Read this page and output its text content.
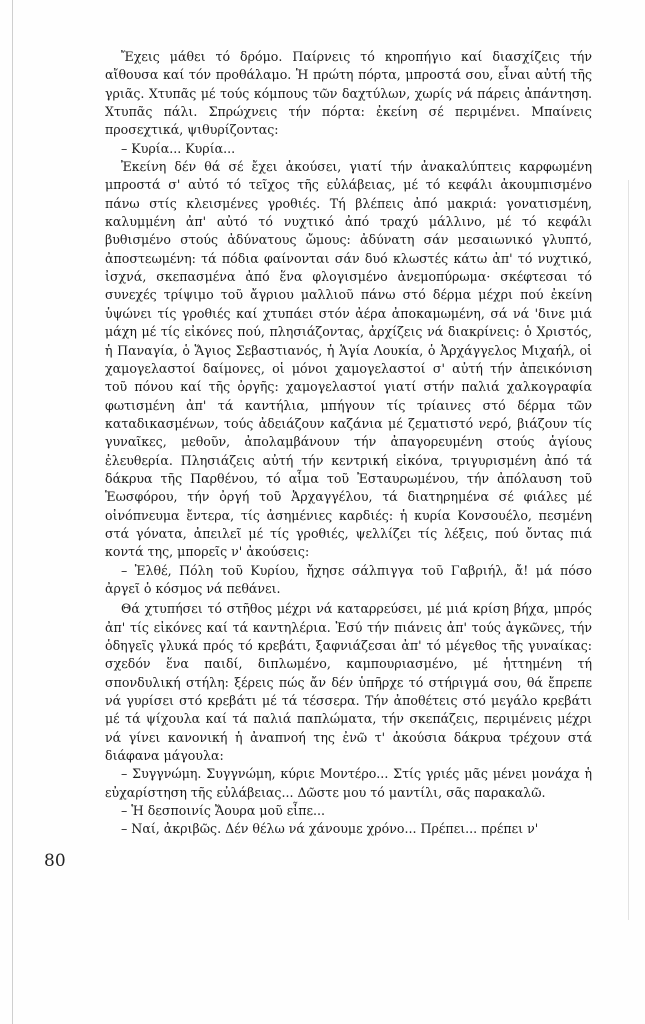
Ἔχεις μάθει τό δρόμο. Παίρνεις τό κηροπήγιο καί διασχίζεις τήν αἴθουσα καί τόν προθάλαμο. Ἡ πρώτη πόρτα, μπροστά σου, εἶναι αὐτή τῆς γριᾶς. Χτυπᾶς μέ τούς κόμπους τῶν δαχτύλων, χωρίς νά πάρεις ἀπάντηση. Χτυπᾶς πάλι. Σπρώχνεις τήν πόρτα: ἐκείνη σέ περιμένει. Μπαίνεις προσεχτικά, ψιθυρίζοντας:

– Κυρία... Κυρία...

Ἐκείνη δέν θά σέ ἔχει ἀκούσει, γιατί τήν ἀνακαλύπτεις καρφωμένη μπροστά σ' αὐτό τό τεῖχος τῆς εὐλάβειας, μέ τό κεφάλι ἀκουμπισμένο πάνω στίς κλεισμένες γροθιές. Τή βλέπεις ἀπό μακριά: γονατισμένη, καλυμμένη ἀπ' αὐτό τό νυχτικό ἀπό τραχύ μάλλινο, μέ τό κεφάλι βυθισμένο στούς ἀδύνατους ὤμους: ἀδύνατη σάν μεσαιωνικό γλυπτό, ἀποστεωμένη: τά πόδια φαίνονται σάν δυό κλωστές κάτω ἀπ' τό νυχτικό, ἰσχνά, σκεπασμένα ἀπό ἕνα φλογισμένο ἀνεμοπύρωμα· σκέφτεσαι τό συνεχές τρίψιμο τοῦ ἄγριου μαλλιοῦ πάνω στό δέρμα μέχρι πού ἐκείνη ὑψώνει τίς γροθιές καί χτυπάει στόν ἀέρα ἀποκαμωμένη, σά νά 'δινε μιά μάχη μέ τίς εἰκόνες πού, πλησιάζοντας, ἀρχίζεις νά διακρίνεις: ὁ Χριστός, ἡ Παναγία, ὁ Ἅγιος Σεβαστιανός, ἡ Ἁγία Λουκία, ὁ Ἀρχάγγελος Μιχαήλ, οἱ χαμογελαστοί δαίμονες, οἱ μόνοι χαμογελαστοί σ' αὐτή τήν ἀπεικόνιση τοῦ πόνου καί τῆς ὀργῆς: χαμογελαστοί γιατί στήν παλιά χαλκογραφία φωτισμένη ἀπ' τά καντήλια, μπήγουν τίς τρίαινες στό δέρμα τῶν καταδικασμένων, τούς ἀδειάζουν καζάνια μέ ζεματιστό νερό, βιάζουν τίς γυναῖκες, μεθοῦν, ἀπολαμβάνουν τήν ἀπαγορευμένη στούς ἁγίους ἐλευθερία. Πλησιάζεις αὐτή τήν κεντρική εἰκόνα, τριγυρισμένη ἀπό τά δάκρυα τῆς Παρθένου, τό αἷμα τοῦ Ἐσταυρωμένου, τήν ἀπόλαυση τοῦ Ἑωσφόρου, τήν ὀργή τοῦ Ἀρχαγγέλου, τά διατηρημένα σέ φιάλες μέ οἰνόπνευμα ἔντερα, τίς ἀσημένιες καρδιές: ἡ κυρία Κονσουέλο, πεσμένη στά γόνατα, ἀπειλεῖ μέ τίς γροθιές, ψελλίζει τίς λέξεις, πού ὄντας πιά κοντά της, μπορεῖς ν' ἀκούσεις:

– Ἐλθέ, Πόλη τοῦ Κυρίου, ἤχησε σάλπιγγα τοῦ Γαβριήλ, ἄ! μά πόσο ἀργεῖ ὁ κόσμος νά πεθάνει.

Θά χτυπήσει τό στῆθος μέχρι νά καταρρεύσει, μέ μιά κρίση βήχα, μπρός ἀπ' τίς εἰκόνες καί τά καντηλέρια. Ἐσύ τήν πιάνεις ἀπ' τούς ἀγκῶνες, τήν ὁδηγεῖς γλυκά πρός τό κρεβάτι, ξαφνιάζεσαι ἀπ' τό μέγεθος τῆς γυναίκας: σχεδόν ἕνα παιδί, διπλωμένο, καμπουριασμένο, μέ ἡττημένη τή σπονδυλική στήλη: ξέρεις πώς ἄν δέν ὑπῆρχε τό στήριγμά σου, θά ἔπρεπε νά γυρίσει στό κρεβάτι μέ τά τέσσερα. Τήν ἀποθέτεις στό μεγάλο κρεβάτι μέ τά ψίχουλα καί τά παλιά παπλώματα, τήν σκεπάζεις, περιμένεις μέχρι νά γίνει κανονική ἡ ἀναπνοή της ἐνῶ τ' ἀκούσια δάκρυα τρέχουν στά διάφανα μάγουλα:

– Συγγνώμη. Συγγνώμη, κύριε Μοντέρο... Στίς γριές μᾶς μένει μονάχα ἡ εὐχαρίστηση τῆς εὐλάβειας... Δῶστε μου τό μαντίλι, σᾶς παρακαλῶ.

– Ἡ δεσποινίς Ἄουρα μοῦ εἶπε...

– Ναί, ἀκριβῶς. Δέν θέλω νά χάνουμε χρόνο... Πρέπει... πρέπει ν'

80
